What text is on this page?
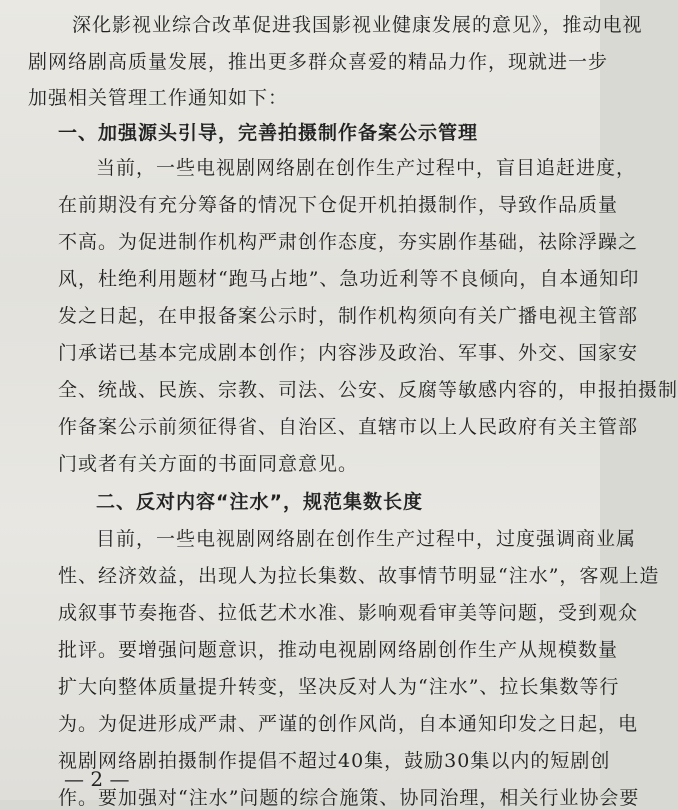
深化影视业综合改革促进我国影视业健康发展的意见》，推动电视
剧网络剧高质量发展，推出更多群众喜爱的精品力作，现就进一步
加强相关管理工作通知如下：
一、加强源头引导，完善拍摄制作备案公示管理
当前，一些电视剧网络剧在创作生产过程中，盲目追赶进度，
在前期没有充分筹备的情况下仓促开机拍摄制作，导致作品质量
不高。为促进制作机构严肃创作态度，夯实剧作基础，祛除浮躁之
风，杜绝利用题材“跑马占地”、急功近利等不良倾向，自本通知印
发之日起，在申报备案公示时，制作机构须向有关广播电视主管部
门承诺已基本完成剧本创作；内容涉及政治、军事、外交、国家安
全、统战、民族、宗教、司法、公安、反腐等敏感内容的，申报拍摄制
作备案公示前须征得省、自治区、直辖市以上人民政府有关主管部
门或者有关方面的书面同意意见。
二、反对内容“注水”，规范集数长度
目前，一些电视剧网络剧在创作生产过程中，过度强调商业属
性、经济效益，出现人为拉长集数、故事情节明显“注水”，客观上造
成叙事节奏拖沓、拉低艺术水准、影响观看审美等问题，受到观众
批评。要增强问题意识，推动电视剧网络剧创作生产从规模数量
扩大向整体质量提升转变，坚决反对人为“注水”、拉长集数等行
为。为促进形成严肃、严谨的创作风尚，自本通知印发之日起，电
视剧网络剧拍摄制作提倡不超过40集，鼓励30集以内的短剧创
作。要加强对“注水”问题的综合施策、协同治理，相关行业协会要
— 2 —
